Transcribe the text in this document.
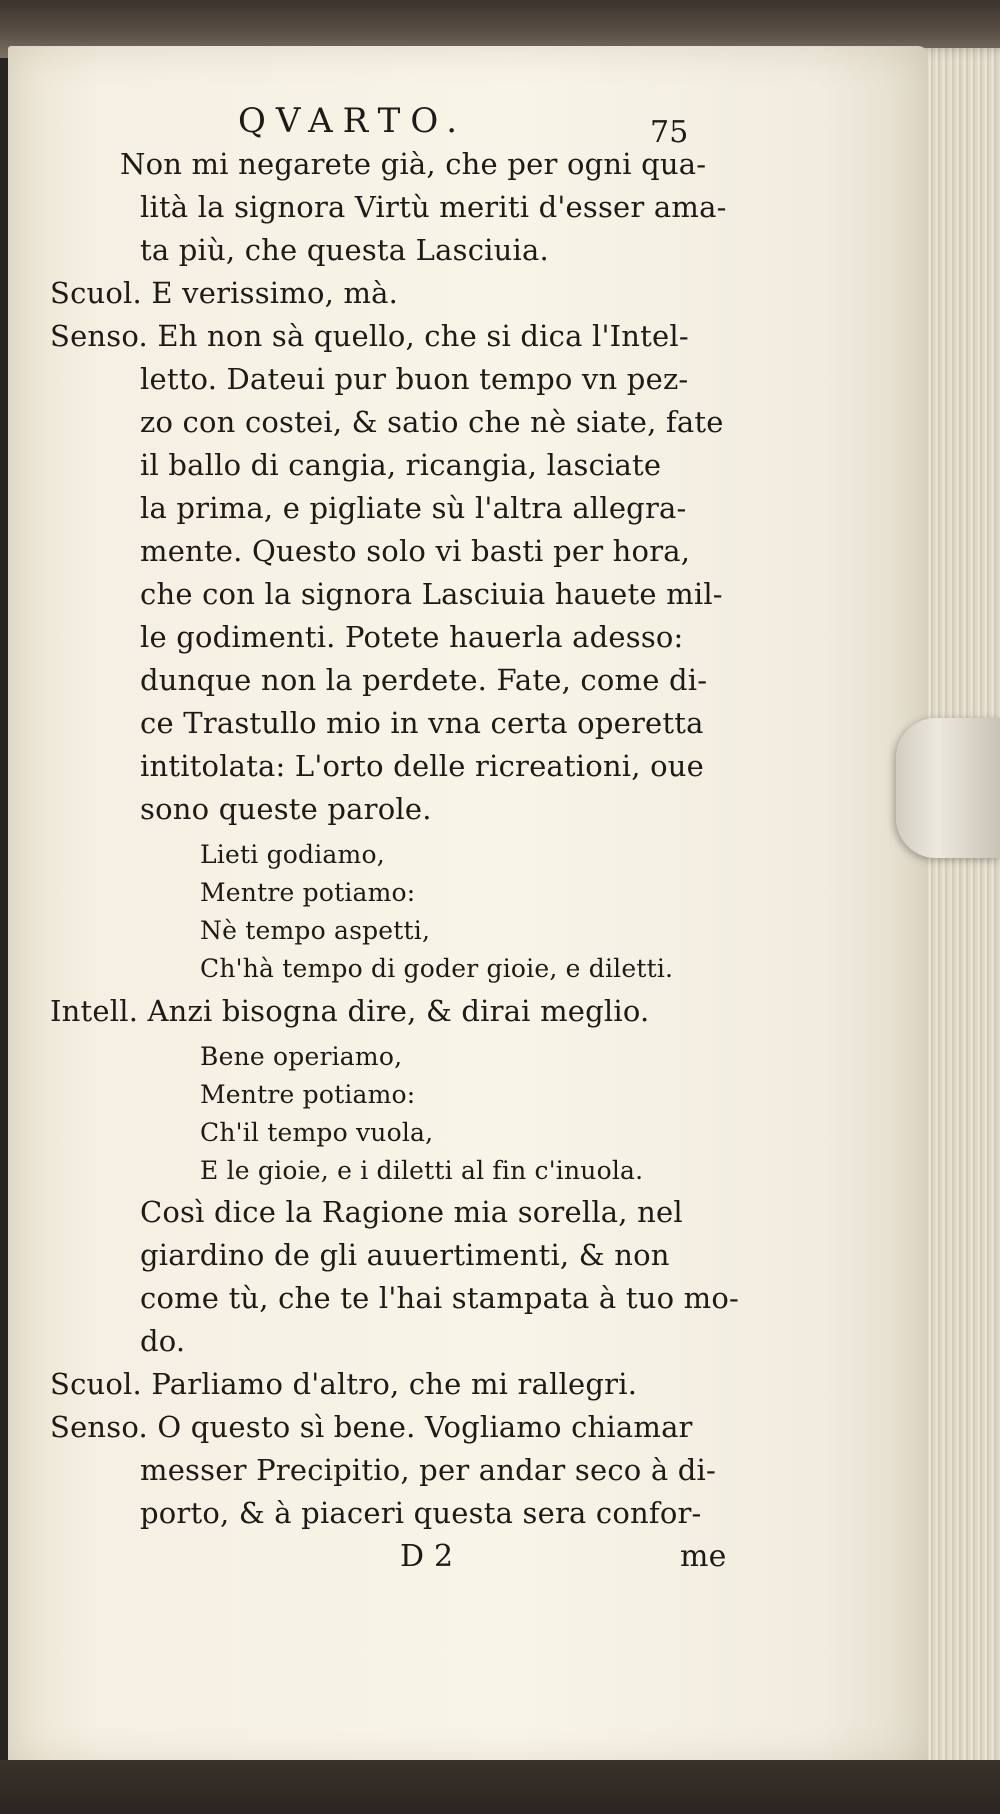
QVARTO.	75
Non mi negarete già, che per ogni qua-
lità la signora Virtù meriti d'esser ama-
ta più, che questa Lasciuia.
Scuol. E verissimo, mà.
Senso. Eh non sà quello, che si dica l'Intel-
letto. Dateui pur buon tempo vn pez-
zo con costei, & satio che nè siate, fate
il ballo di cangia, ricangia, lasciate
la prima, e pigliate sù l'altra allegra-
mente. Questo solo vi basti per hora,
che con la signora Lasciuia hauete mil-
le godimenti. Potete hauerla adesso:
dunque non la perdete. Fate, come di-
ce Trastullo mio in vna certa operetta
intitolata: L'orto delle ricreationi, oue
sono queste parole.
Lieti godiamo,
Mentre potiamo:
Nè tempo aspetti,
Ch'hà tempo di goder gioie, e diletti.
Intell. Anzi bisogna dire, & dirai meglio.
Bene operiamo,
Mentre potiamo:
Ch'il tempo vuola,
E le gioie, e i diletti al fin c'inuola.
Così dice la Ragione mia sorella, nel
giardino de gli auuertimenti, & non
come tù, che te l'hai stampata à tuo mo-
do.
Scuol. Parliamo d'altro, che mi rallegri.
Senso. O questo sì bene. Vogliamo chiamar
messer Precipitio, per andar seco à di-
porto, & à piaceri questa sera confor-
D 2	me
